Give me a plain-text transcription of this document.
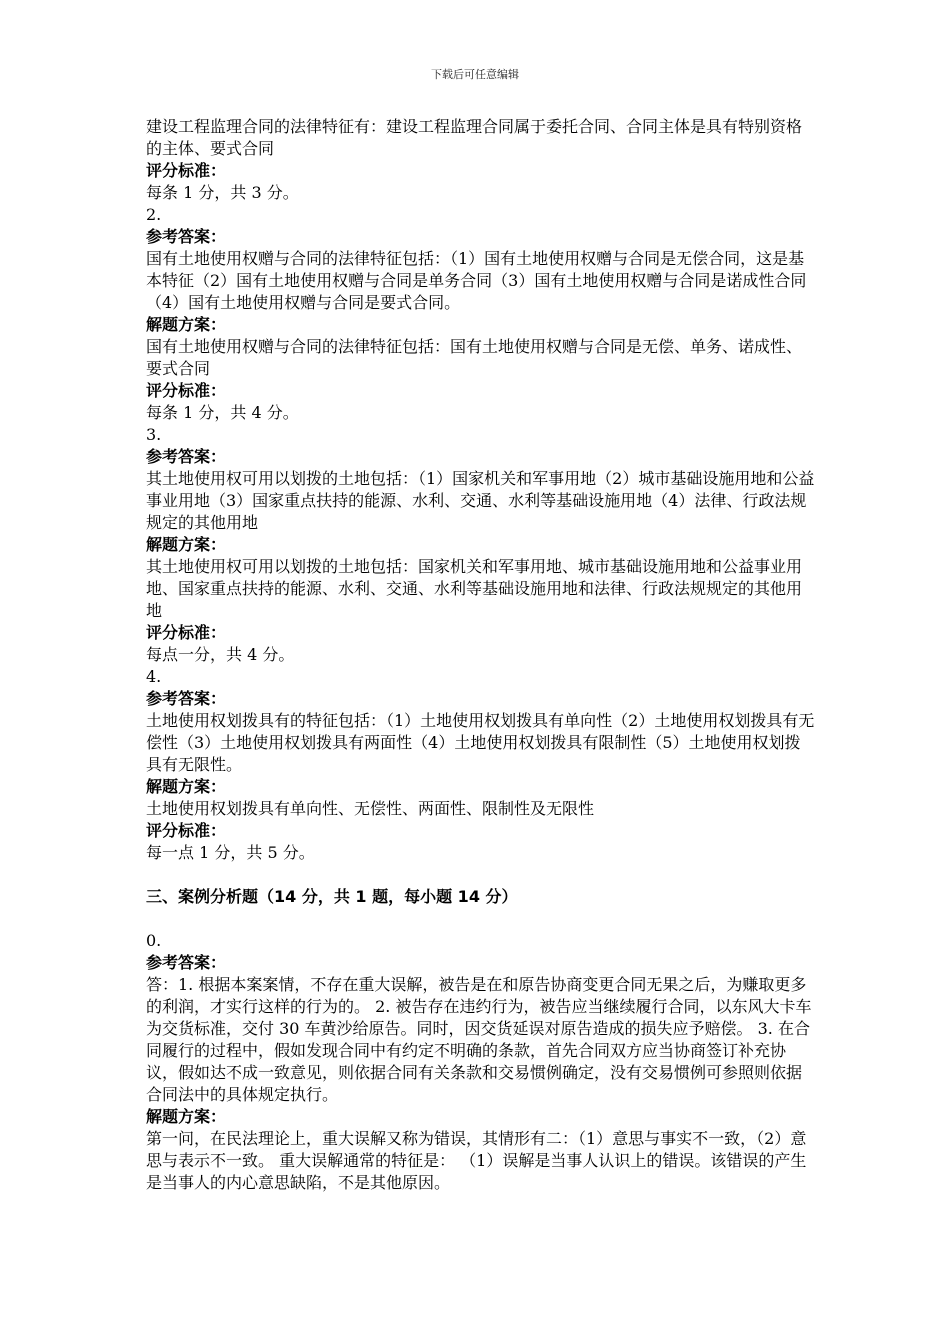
下载后可任意编辑
建设工程监理合同的法律特征有：建设工程监理合同属于委托合同、合同主体是具有特别资格的主体、要式合同
评分标准：
每条 1 分，共 3 分。
2.
参考答案：
国有土地使用权赠与合同的法律特征包括：（1）国有土地使用权赠与合同是无偿合同，这是基本特征（2）国有土地使用权赠与合同是单务合同（3）国有土地使用权赠与合同是诺成性合同（4）国有土地使用权赠与合同是要式合同。
解题方案：
国有土地使用权赠与合同的法律特征包括：国有土地使用权赠与合同是无偿、单务、诺成性、要式合同
评分标准：
每条 1 分，共 4 分。
3.
参考答案：
其土地使用权可用以划拨的土地包括：（1）国家机关和军事用地（2）城市基础设施用地和公益事业用地（3）国家重点扶持的能源、水利、交通、水利等基础设施用地（4）法律、行政法规规定的其他用地
解题方案：
其土地使用权可用以划拨的土地包括：国家机关和军事用地、城市基础设施用地和公益事业用地、国家重点扶持的能源、水利、交通、水利等基础设施用地和法律、行政法规规定的其他用地
评分标准：
每点一分，共 4 分。
4.
参考答案：
土地使用权划拨具有的特征包括：（1）土地使用权划拨具有单向性（2）土地使用权划拨具有无偿性（3）土地使用权划拨具有两面性（4）土地使用权划拨具有限制性（5）土地使用权划拨具有无限性。
解题方案：
土地使用权划拨具有单向性、无偿性、两面性、限制性及无限性
评分标准：
每一点 1 分，共 5 分。
三、案例分析题（14 分，共 1 题，每小题 14 分）
0.
参考答案：
答：1. 根据本案案情，不存在重大误解，被告是在和原告协商变更合同无果之后，为赚取更多的利润，才实行这样的行为的。 2. 被告存在违约行为，被告应当继续履行合同，以东风大卡车为交货标准，交付 30 车黄沙给原告。同时，因交货延误对原告造成的损失应予赔偿。 3. 在合同履行的过程中，假如发现合同中有约定不明确的条款，首先合同双方应当协商签订补充协议，假如达不成一致意见，则依据合同有关条款和交易惯例确定，没有交易惯例可参照则依据合同法中的具体规定执行。
解题方案：
第一问，在民法理论上，重大误解又称为错误，其情形有二：（1）意思与事实不一致，（2）意思与表示不一致。 重大误解通常的特征是： （1）误解是当事人认识上的错误。该错误的产生是当事人的内心意思缺陷，不是其他原因。
